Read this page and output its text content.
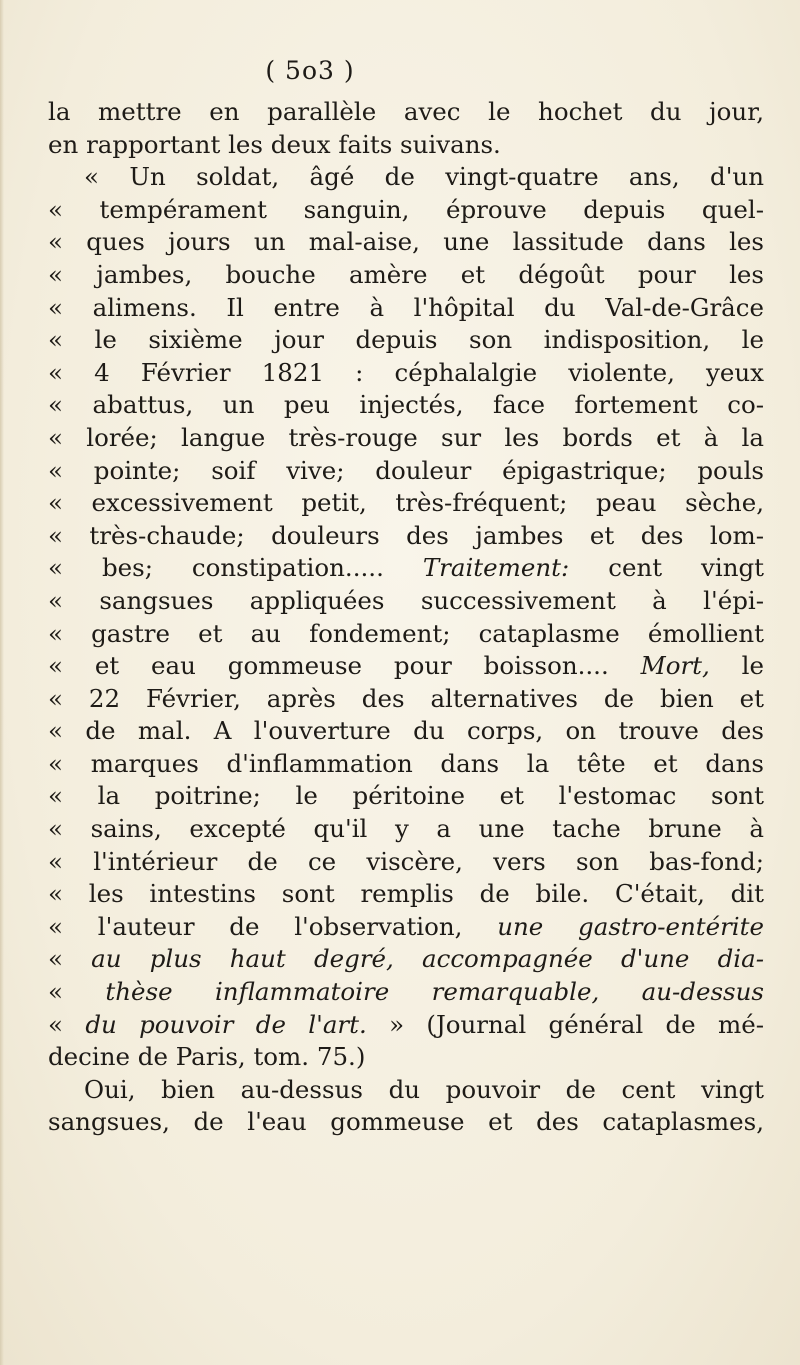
( 5o3 )
la mettre en parallèle avec le hochet du jour,
en rapportant les deux faits suivans.
« Un soldat, âgé de vingt-quatre ans, d'un
« tempérament sanguin, éprouve depuis quel-
« ques jours un mal-aise, une lassitude dans les
« jambes, bouche amère et dégoût pour les
« alimens. Il entre à l'hôpital du Val-de-Grâce
« le sixième jour depuis son indisposition, le
« 4 Février 1821 : céphalalgie violente, yeux
« abattus, un peu injectés, face fortement co-
« lorée; langue très-rouge sur les bords et à la
« pointe; soif vive; douleur épigastrique; pouls
« excessivement petit, très-fréquent; peau sèche,
« très-chaude; douleurs des jambes et des lom-
« bes; constipation..... Traitement: cent vingt
« sangsues appliquées successivement à l'épi-
« gastre et au fondement; cataplasme émollient
« et eau gommeuse pour boisson.... Mort, le
« 22 Février, après des alternatives de bien et
« de mal. A l'ouverture du corps, on trouve des
« marques d'inflammation dans la tête et dans
« la poitrine; le péritoine et l'estomac sont
« sains, excepté qu'il y a une tache brune à
« l'intérieur de ce viscère, vers son bas-fond;
« les intestins sont remplis de bile. C'était, dit
« l'auteur de l'observation, une gastro-entérite
« au plus haut degré, accompagnée d'une dia-
« thèse inflammatoire remarquable, au-dessus
« du pouvoir de l'art. » (Journal général de mé-
decine de Paris, tom. 75.)
Oui, bien au-dessus du pouvoir de cent vingt
sangsues, de l'eau gommeuse et des cataplasmes,
